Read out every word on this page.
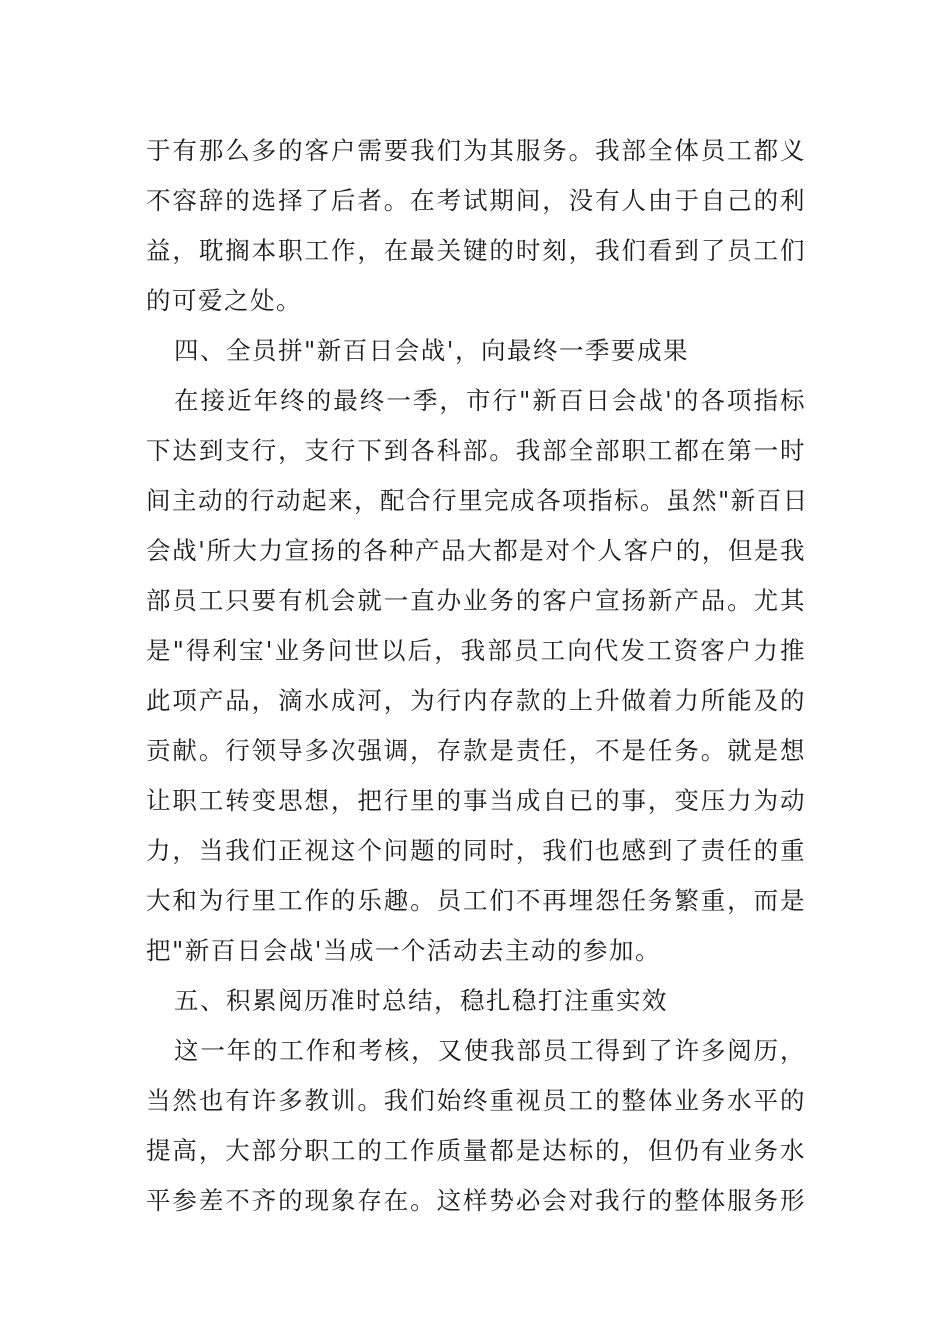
于有那么多的客户需要我们为其服务。我部全体员工都义
不容辞的选择了后者。在考试期间，没有人由于自己的利
益，耽搁本职工作，在最关键的时刻，我们看到了员工们
的可爱之处。
四、全员拼"新百日会战'，向最终一季要成果
在接近年终的最终一季，市行"新百日会战'的各项指标
下达到支行，支行下到各科部。我部全部职工都在第一时
间主动的行动起来，配合行里完成各项指标。虽然"新百日
会战'所大力宣扬的各种产品大都是对个人客户的，但是我
部员工只要有机会就一直办业务的客户宣扬新产品。尤其
是"得利宝'业务问世以后，我部员工向代发工资客户力推
此项产品，滴水成河，为行内存款的上升做着力所能及的
贡献。行领导多次强调，存款是责任，不是任务。就是想
让职工转变思想，把行里的事当成自已的事，变压力为动
力，当我们正视这个问题的同时，我们也感到了责任的重
大和为行里工作的乐趣。员工们不再埋怨任务繁重，而是
把"新百日会战'当成一个活动去主动的参加。
五、积累阅历准时总结，稳扎稳打注重实效
这一年的工作和考核，又使我部员工得到了许多阅历，
当然也有许多教训。我们始终重视员工的整体业务水平的
提高，大部分职工的工作质量都是达标的，但仍有业务水
平参差不齐的现象存在。这样势必会对我行的整体服务形
